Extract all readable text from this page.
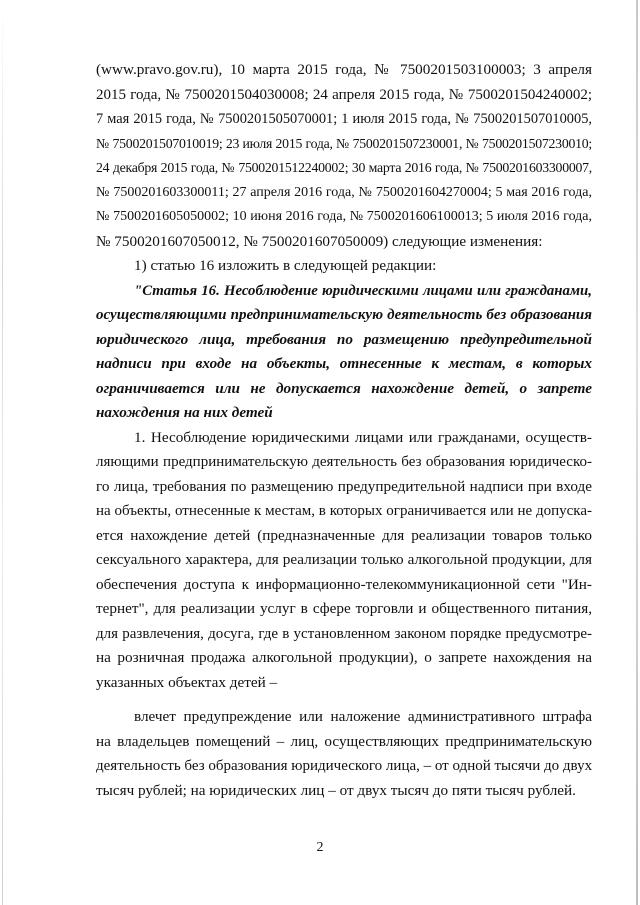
(www.pravo.gov.ru), 10 марта 2015 года, № 7500201503100003; 3 апреля
2015 года, № 7500201504030008; 24 апреля 2015 года, № 7500201504240002;
7 мая 2015 года, № 7500201505070001; 1 июля 2015 года, № 7500201507010005,
№ 7500201507010019; 23 июля 2015 года, № 7500201507230001, № 7500201507230010;
24 декабря 2015 года, № 7500201512240002; 30 марта 2016 года, № 7500201603300007,
№ 7500201603300011; 27 апреля 2016 года, № 7500201604270004; 5 мая 2016 года,
№ 7500201605050002; 10 июня 2016 года, № 7500201606100013; 5 июля 2016 года,
№ 7500201607050012, № 7500201607050009) следующие изменения:
1) статью 16 изложить в следующей редакции:
"Статья 16. Несоблюдение юридическими лицами или гражданами,
осуществляющими предпринимательскую деятельность без образования
юридического лица, требования по размещению предупредительной
надписи при входе на объекты, отнесенные к местам, в которых
ограничивается или не допускается нахождение детей, о запрете
нахождения на них детей
1. Несоблюдение юридическими лицами или гражданами, осуществ-
ляющими предпринимательскую деятельность без образования юридическо-
го лица, требования по размещению предупредительной надписи при входе
на объекты, отнесенные к местам, в которых ограничивается или не допуска-
ется нахождение детей (предназначенные для реализации товаров только
сексуального характера, для реализации только алкогольной продукции, для
обеспечения доступа к информационно-телекоммуникационной сети "Ин-
тернет", для реализации услуг в сфере торговли и общественного питания,
для развлечения, досуга, где в установленном законом порядке предусмотре-
на розничная продажа алкогольной продукции), о запрете нахождения на
указанных объектах детей –
влечет предупреждение или наложение административного штрафа
на владельцев помещений – лиц, осуществляющих предпринимательскую
деятельность без образования юридического лица, – от одной тысячи до двух
тысяч рублей; на юридических лиц – от двух тысяч до пяти тысяч рублей.
2
